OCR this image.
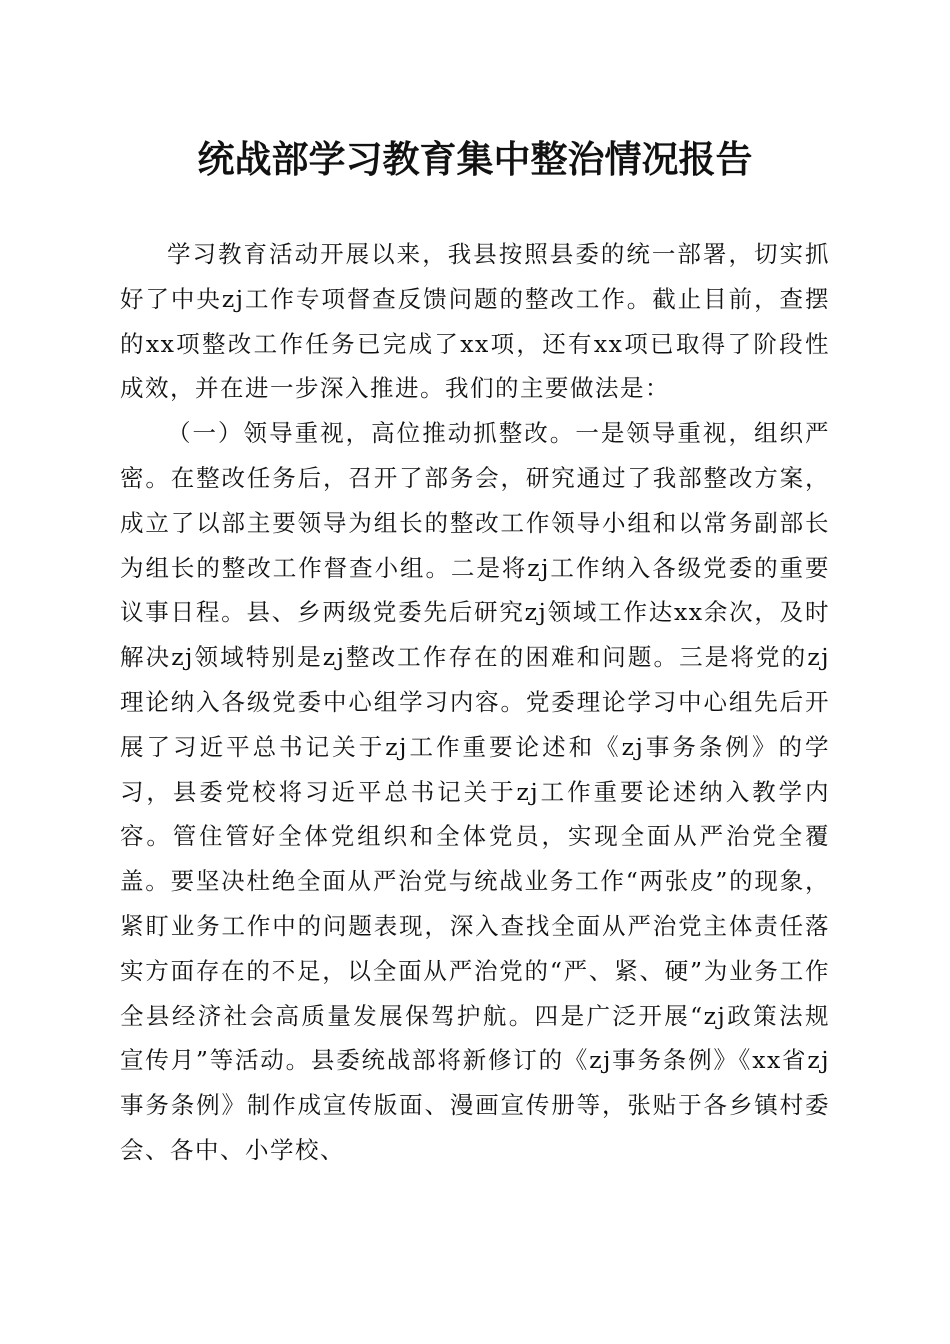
统战部学习教育集中整治情况报告

学习教育活动开展以来，我县按照县委的统一部署，切实抓好了中央zj工作专项督查反馈问题的整改工作。截止目前，查摆的xx项整改工作任务已完成了xx项，还有xx项已取得了阶段性成效，并在进一步深入推进。我们的主要做法是：

（一）领导重视，高位推动抓整改。一是领导重视，组织严密。在整改任务后，召开了部务会，研究通过了我部整改方案，成立了以部主要领导为组长的整改工作领导小组和以常务副部长为组长的整改工作督查小组。二是将zj工作纳入各级党委的重要议事日程。县、乡两级党委先后研究zj领域工作达xx余次，及时解决zj领域特别是zj整改工作存在的困难和问题。三是将党的zj理论纳入各级党委中心组学习内容。党委理论学习中心组先后开展了习近平总书记关于zj工作重要论述和《zj事务条例》的学习，县委党校将习近平总书记关于zj工作重要论述纳入教学内容。管住管好全体党组织和全体党员，实现全面从严治党全覆盖。要坚决杜绝全面从严治党与统战业务工作“两张皮”的现象，紧盯业务工作中的问题表现，深入查找全面从严治党主体责任落实方面存在的不足，以全面从严治党的“严、紧、硬”为业务工作全县经济社会高质量发展保驾护航。四是广泛开展“zj政策法规宣传月”等活动。县委统战部将新修订的《zj事务条例》《xx省zj事务条例》制作成宣传版面、漫画宣传册等，张贴于各乡镇村委会、各中、小学校、
